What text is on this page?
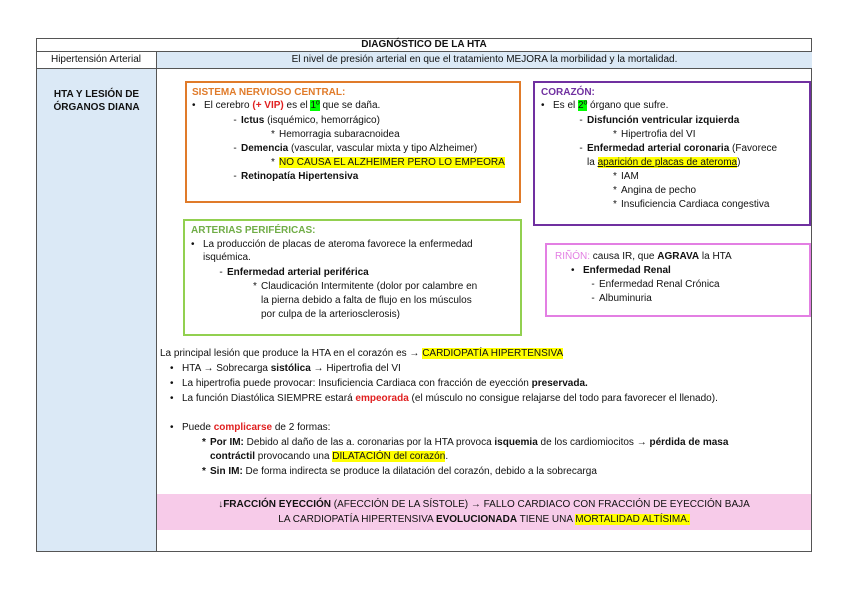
DIAGNÓSTICO DE LA HTA
Hipertensión Arterial	El nivel de presión arterial en que el tratamiento MEJORA la morbilidad y la mortalidad.
HTA Y LESIÓN DE
ÓRGANOS DIANA
SISTEMA NERVIOSO CENTRAL:
• El cerebro (+ VIP) es el 1º que se daña.
- Ictus (isquémico, hemorrágico)
* Hemorragia subaracnoidea
- Demencia (vascular, vascular mixta y tipo Alzheimer)
* NO CAUSA EL ALZHEIMER PERO LO EMPEORA
- Retinopatía Hipertensiva
CORAZÓN:
• Es el 2º órgano que sufre.
- Disfunción ventricular izquierda
* Hipertrofia del VI
- Enfermedad arterial coronaria (Favorece
la aparición de placas de ateroma)
* IAM
* Angina de pecho
* Insuficiencia Cardiaca congestiva
ARTERIAS PERIFÉRICAS:
• La producción de placas de ateroma favorece la enfermedad
isquémica.
- Enfermedad arterial periférica
* Claudicación Intermitente (dolor por calambre en
la pierna debido a falta de flujo en los músculos
por culpa de la arteriosclerosis)
RIÑÓN: causa IR, que AGRAVA la HTA
• Enfermedad Renal
- Enfermedad Renal Crónica
- Albuminuria
La principal lesión que produce la HTA en el corazón es → CARDIOPATÍA HIPERTENSIVA
• HTA → Sobrecarga sistólica → Hipertrofia del VI
• La hipertrofia puede provocar: Insuficiencia Cardiaca con fracción de eyección preservada.
• La función Diastólica SIEMPRE estará empeorada (el músculo no consigue relajarse del todo para favorecer el llenado).
• Puede complicarse de 2 formas:
* Por IM: Debido al daño de las a. coronarias por la HTA provoca isquemia de los cardiomiocitos → pérdida de masa
contráctil provocando una DILATACIÓN del corazón.
* Sin IM: De forma indirecta se produce la dilatación del corazón, debido a la sobrecarga
↓FRACCIÓN EYECCIÓN (AFECCIÓN DE LA SÍSTOLE) → FALLO CARDIACO CON FRACCIÓN DE EYECCIÓN BAJA
LA CARDIOPATÍA HIPERTENSIVA EVOLUCIONADA TIENE UNA MORTALIDAD ALTÍSIMA.
